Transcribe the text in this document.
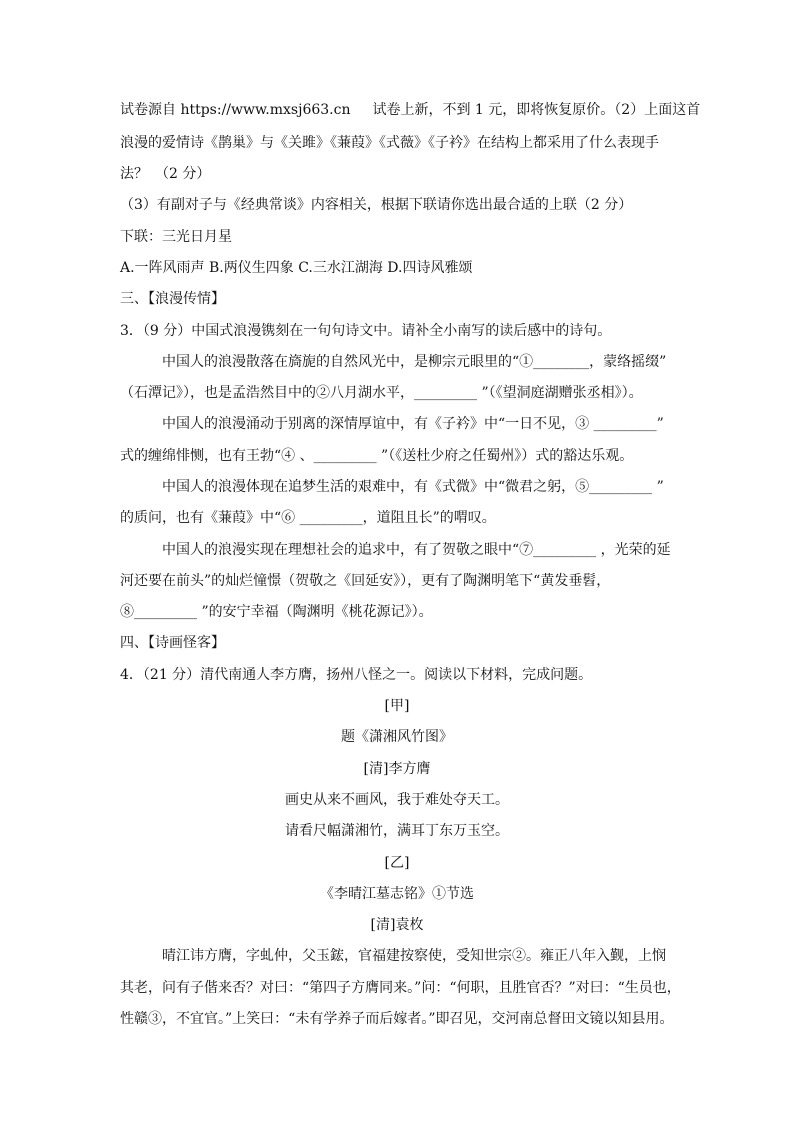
试卷源自 https://www.mxsj663.cn 试卷上新，不到 1 元，即将恢复原价。（2）上面这首
浪漫的爱情诗《鹊巢》与《关雎》《蒹葭》《式薇》《子衿》在结构上都采用了什么表现手
法？　（2 分）
（3）有副对子与《经典常谈》内容相关，根据下联请你选出最合适的上联（2 分）
下联：三光日月星
A.一阵风雨声 B.两仪生四象 C.三水江湖海 D.四诗风雅颂
三、【浪漫传情】
3．（9 分）中国式浪漫镌刻在一句句诗文中。请补全小南写的读后感中的诗句。
中国人的浪漫散落在旖旎的自然风光中，是柳宗元眼里的“①________，蒙络摇缀”
（石潭记》），也是孟浩然目中的②八月湖水平，_________ ”（《望洞庭湖赠张丞相》）。
中国人的浪漫涌动于别离的深情厚谊中，有《子衿》中“一日不见，③ _________”
式的缠绵悱恻，也有王勃“④ 、_________ ”（《送杜少府之任蜀州》）式的豁达乐观。
中国人的浪漫体现在追梦生活的艰难中，有《式微》中“微君之躬，⑤_________ ”
的质问，也有《蒹葭》中“⑥ _________，道阻且长”的喟叹。
中国人的浪漫实现在理想社会的追求中，有了贺敬之眼中“⑦_________ ，光荣的延
河还要在前头”的灿烂憧憬（贺敬之《回延安》），更有了陶渊明笔下“黄发垂髫，
⑧_________ ”的安宁幸福（陶渊明《桃花源记》）。
四、【诗画怪客】
4．（21 分）清代南通人李方膺，扬州八怪之一。阅读以下材料，完成问题。
[甲]
题《潇湘风竹图》
[清]李方膺
画史从来不画风，我于难处夺天工。
请看尺幅潇湘竹，满耳丁东万玉空。
[乙]
《李晴江墓志铭》①节选
[清]袁枚
晴江讳方膺，字虬仲，父玉鋐，官福建按察使，受知世宗②。雍正八年入觐，上悯
其老，问有子偕来否？对曰：“第四子方膺同来。”问：“何职，且胜官否？”对曰：“生员也，
性赣③，不宜官。”上笑曰：“未有学养子而后嫁者。”即召见，交河南总督田文镜以知县用。
